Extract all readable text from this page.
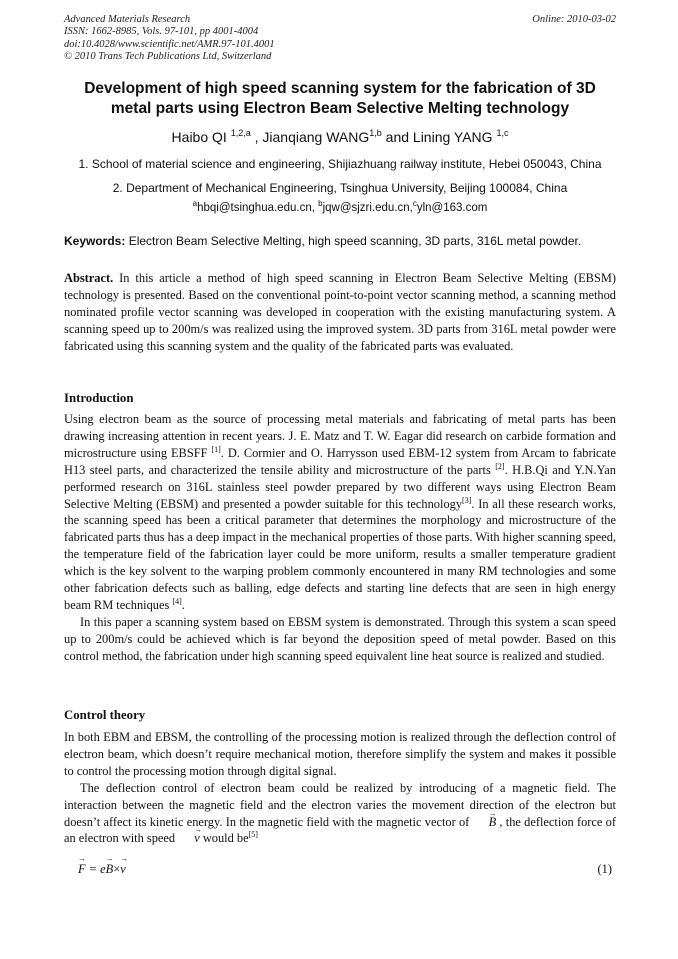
Advanced Materials Research
ISSN: 1662-8985, Vols. 97-101, pp 4001-4004
doi:10.4028/www.scientific.net/AMR.97-101.4001
© 2010 Trans Tech Publications Ltd, Switzerland
Online: 2010-03-02
Development of high speed scanning system for the fabrication of 3D metal parts using Electron Beam Selective Melting technology
Haibo QI $^{1,2,a}$ , Jianqiang WANG$^{1,b}$ and Lining YANG $^{1,c}$
1. School of material science and engineering, Shijiazhuang railway institute, Hebei 050043, China
2. Department of Mechanical Engineering, Tsinghua University, Beijing 100084, China
$^a$hbqi@tsinghua.edu.cn, $^b$jqw@sjzri.edu.cn,$^c$yln@163.com
Keywords: Electron Beam Selective Melting, high speed scanning, 3D parts, 316L metal powder.
Abstract. In this article a method of high speed scanning in Electron Beam Selective Melting (EBSM) technology is presented. Based on the conventional point-to-point vector scanning method, a scanning method nominated profile vector scanning was developed in cooperation with the existing manufacturing system. A scanning speed up to 200m/s was realized using the improved system. 3D parts from 316L metal powder were fabricated using this scanning system and the quality of the fabricated parts was evaluated.
Introduction

Using electron beam as the source of processing metal materials and fabricating of metal parts has been drawing increasing attention in recent years. J. E. Matz and T. W. Eagar did research on carbide formation and microstructure using EBSFF [1]. D. Cormier and O. Harrysson used EBM-12 system from Arcam to fabricate H13 steel parts, and characterized the tensile ability and microstructure of the parts [2]. H.B.Qi and Y.N.Yan performed research on 316L stainless steel powder prepared by two different ways using Electron Beam Selective Melting (EBSM) and presented a powder suitable for this technology[3]. In all these research works, the scanning speed has been a critical parameter that determines the morphology and microstructure of the fabricated parts thus has a deep impact in the mechanical properties of those parts. With higher scanning speed, the temperature field of the fabrication layer could be more uniform, results a smaller temperature gradient which is the key solvent to the warping problem commonly encountered in many RM technologies and some other fabrication defects such as balling, edge defects and starting line defects that are seen in high energy beam RM techniques [4].

In this paper a scanning system based on EBSM system is demonstrated. Through this system a scan speed up to 200m/s could be achieved which is far beyond the deposition speed of metal powder. Based on this control method, the fabrication under high scanning speed equivalent line heat source is realized and studied.

Control theory

In both EBM and EBSM, the controlling of the processing motion is realized through the deflection control of electron beam, which doesn’t require mechanical motion, therefore simplify the system and makes it possible to control the processing motion through digital signal.

The deflection control of electron beam could be realized by introducing of a magnetic field. The interaction between the magnetic field and the electron varies the movement direction of the electron but doesn’t affect its kinetic energy. In the magnetic field with the magnetic vector of → B , the deflection force of an electron with speed → v would be[5]

→ F = e→ B×→ v	(1)
